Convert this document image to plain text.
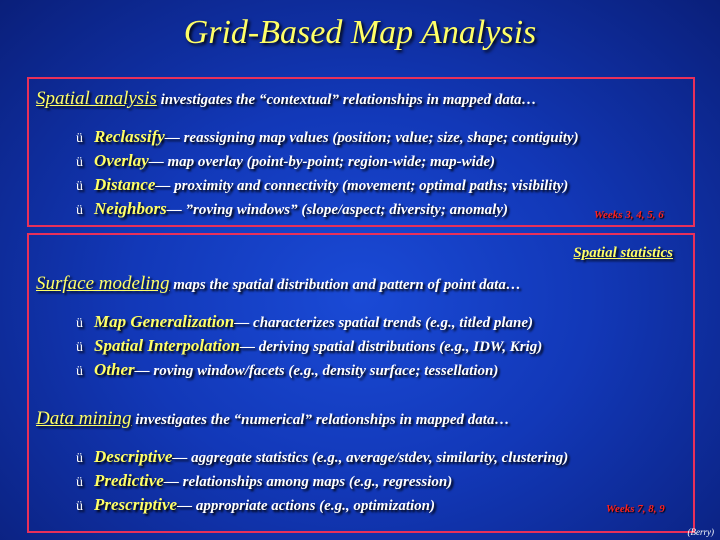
Grid-Based Map Analysis
Spatial analysis investigates the “contextual” relationships in mapped data…
ü Reclassify— reassigning map values (position; value; size, shape; contiguity)
ü Overlay— map overlay (point-by-point; region-wide; map-wide)
ü Distance— proximity and connectivity (movement; optimal paths; visibility)
ü Neighbors— ”roving windows” (slope/aspect; diversity; anomaly)	Weeks 3, 4, 5, 6
Spatial statistics
Surface modeling maps the spatial distribution and pattern of point data…
ü Map Generalization— characterizes spatial trends (e.g., titled plane)
ü Spatial Interpolation— deriving spatial distributions (e.g., IDW, Krig)
ü Other— roving window/facets (e.g., density surface; tessellation)
Data mining investigates the “numerical” relationships in mapped data…
ü Descriptive— aggregate statistics (e.g., average/stdev, similarity, clustering)
ü Predictive— relationships among maps (e.g., regression)
ü Prescriptive— appropriate actions (e.g., optimization)	Weeks 7, 8, 9
(Berry)
